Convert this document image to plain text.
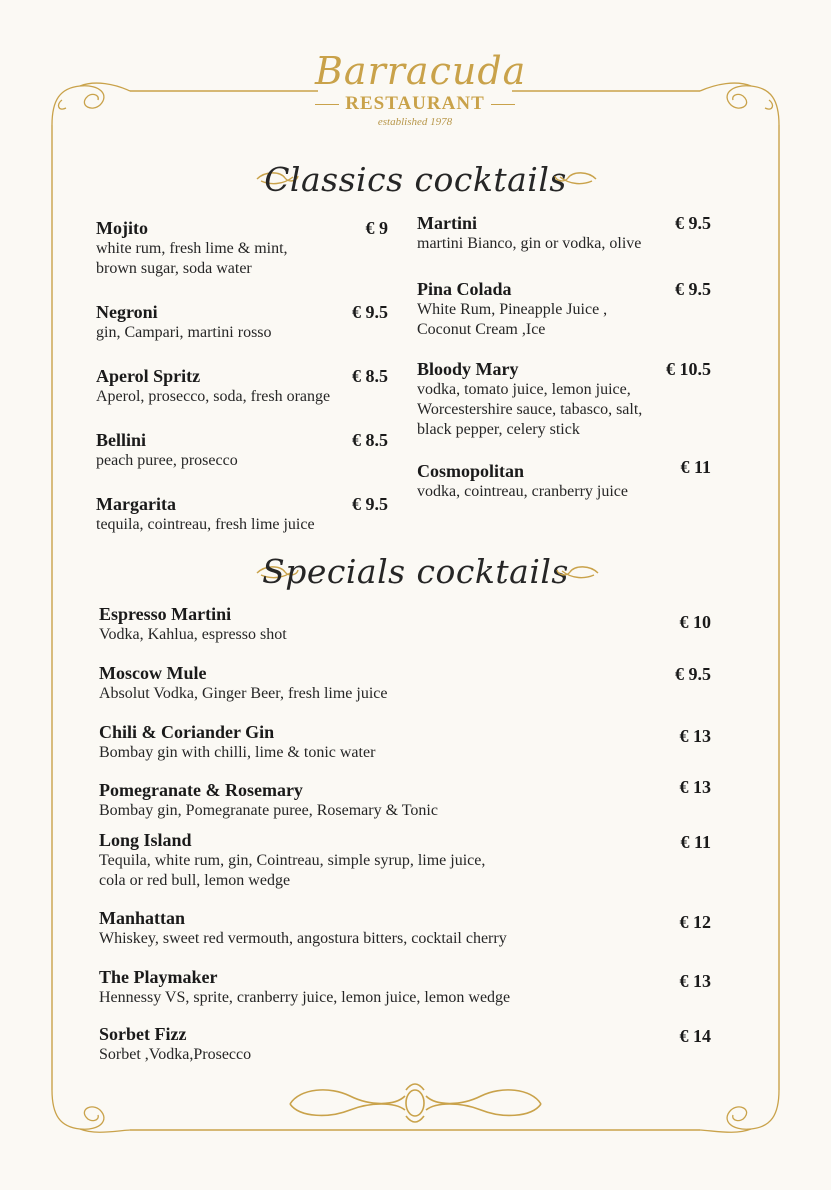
Barracuda
RESTAURANT
established 1978
Classics cocktails
Mojito
white rum, fresh lime & mint,
brown sugar, soda water
€ 9
Negroni
gin, Campari, martini rosso
€ 9.5
Aperol Spritz
Aperol, prosecco, soda, fresh orange
€ 8.5
Bellini
peach puree, prosecco
€ 8.5
Margarita
tequila, cointreau, fresh lime juice
€ 9.5
Martini
martini Bianco, gin or vodka, olive
€ 9.5
Pina Colada
White Rum, Pineapple Juice ,
Coconut Cream ,Ice
€ 9.5
Bloody Mary
vodka, tomato juice, lemon juice,
Worcestershire sauce, tabasco, salt,
black pepper, celery stick
€ 10.5
Cosmopolitan
vodka, cointreau, cranberry juice
€ 11
Specials cocktails
Espresso Martini
Vodka, Kahlua, espresso shot
€ 10
Moscow Mule
Absolut Vodka, Ginger Beer, fresh lime juice
€ 9.5
Chili & Coriander Gin
Bombay gin with chilli, lime & tonic water
€ 13
Pomegranate & Rosemary
Bombay gin, Pomegranate puree, Rosemary & Tonic
€ 13
Long Island
Tequila, white rum, gin, Cointreau, simple syrup, lime juice,
cola or red bull, lemon wedge
€ 11
Manhattan
Whiskey, sweet red vermouth, angostura bitters, cocktail cherry
€ 12
The Playmaker
Hennessy VS, sprite, cranberry juice, lemon juice, lemon wedge
€ 13
Sorbet Fizz
Sorbet ,Vodka,Prosecco
€ 14
